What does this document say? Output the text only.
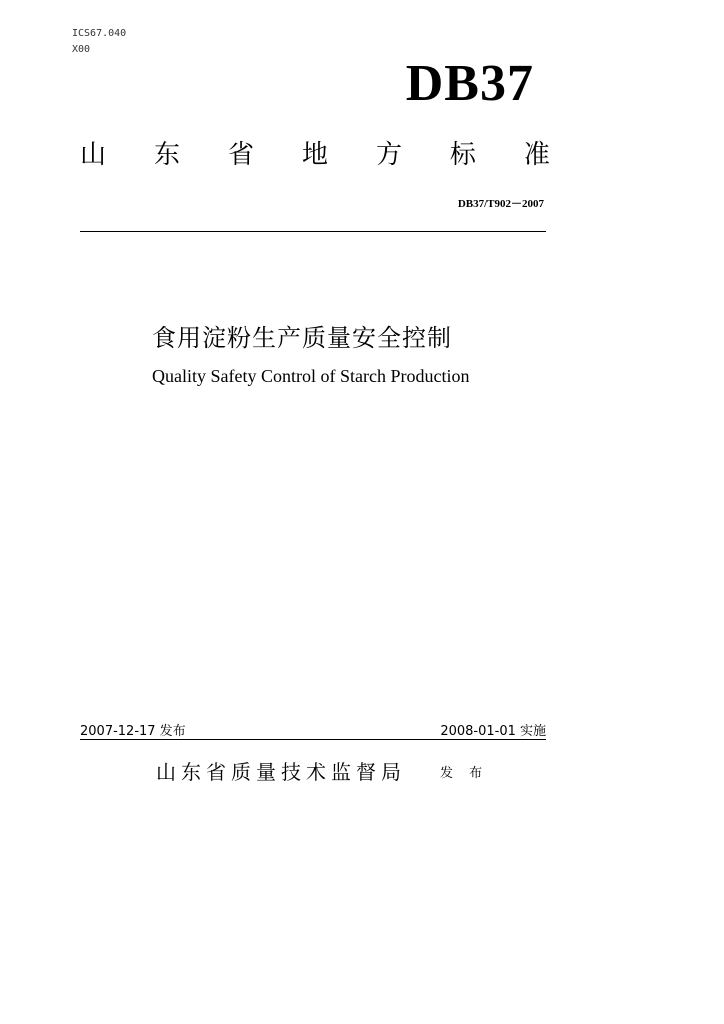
ICS67.040
X00
DB37
山 东 省 地 方 标 准
DB37/T902－2007
食用淀粉生产质量安全控制
Quality Safety Control of Starch Production
2007-12-17 发布	2008-01-01 实施
山东省质量技术监督局	发 布
